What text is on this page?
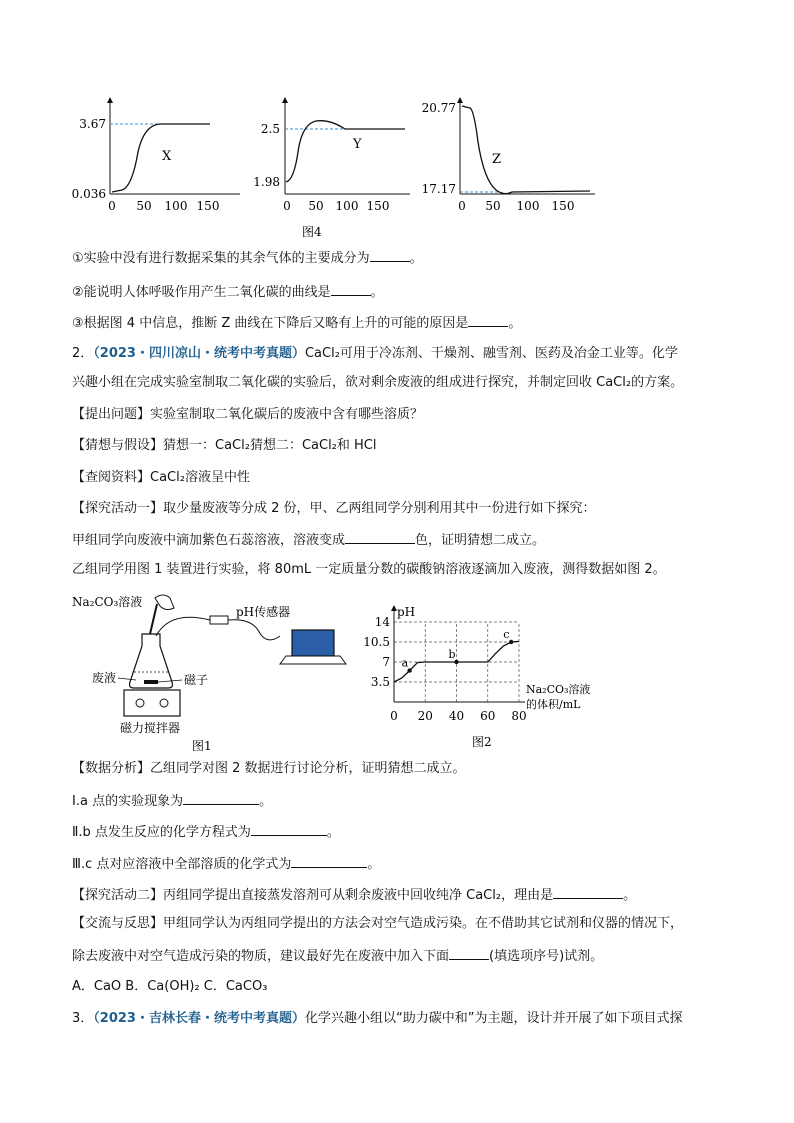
3.67
0.036
X
0 50 100 150
2.5
1.98
Y
0 50 100 150
20.77
17.17
Z
0 50 100 150
图4
①实验中没有进行数据采集的其余气体的主要成分为	。
②能说明人体呼吸作用产生二氧化碳的曲线是	。
③根据图 4 中信息，推断 Z 曲线在下降后又略有上升的可能的原因是	。
2．（2023・四川凉山・统考中考真题）CaCl₂可用于冷冻剂、干燥剂、融雪剂、医药及冶金工业等。化学
兴趣小组在完成实验室制取二氧化碳的实验后，欲对剩余废液的组成进行探究，并制定回收 CaCl₂的方案。
【提出问题】实验室制取二氧化碳后的废液中含有哪些溶质？
【猜想与假设】猜想一：CaCl₂猜想二：CaCl₂和 HCl
【查阅资料】CaCl₂溶液呈中性
【探究活动一】取少量废液等分成 2 份，甲、乙两组同学分别利用其中一份进行如下探究：
甲组同学向废液中滴加紫色石蕊溶液，溶液变成	色，证明猜想二成立。
乙组同学用图 1 装置进行实验，将 80mL 一定质量分数的碳酸钠溶液逐滴加入废液，测得数据如图 2。
Na₂CO₃溶液
pH传感器
废液	磁子
磁力搅拌器
图1
3.5
7
10.5
14
0 20 40 60 80
a
b
c
pH
Na₂CO₃溶液
的体积/mL
图2
【数据分析】乙组同学对图 2 数据进行讨论分析，证明猜想二成立。
I.a 点的实验现象为	。
Ⅱ.b 点发生反应的化学方程式为	。
Ⅲ.c 点对应溶液中全部溶质的化学式为	。
【探究活动二】丙组同学提出直接蒸发溶剂可从剩余废液中回收纯净 CaCl₂，理由是	。
【交流与反思】甲组同学认为丙组同学提出的方法会对空气造成污染。在不借助其它试剂和仪器的情况下，
除去废液中对空气造成污染的物质，建议最好先在废液中加入下面	(填选项序号)试剂。
A．CaO B．Ca(OH)₂ C．CaCO₃
3．（2023・吉林长春・统考中考真题）化学兴趣小组以“助力碳中和”为主题，设计并开展了如下项目式探
